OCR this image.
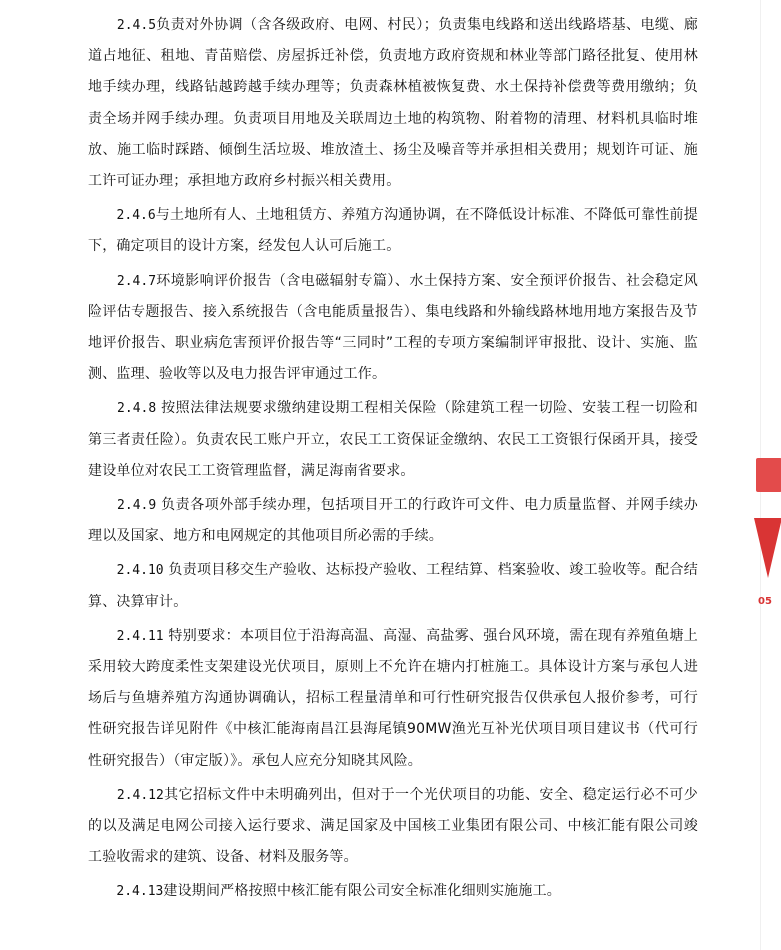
　　2.4.5负责对外协调（含各级政府、电网、村民）；负责集电线路和送出线路塔基、电缆、廊道占地征、租地、青苗赔偿、房屋拆迁补偿，负责地方政府资规和林业等部门路径批复、使用林地手续办理，线路钻越跨越手续办理等；负责森林植被恢复费、水土保持补偿费等费用缴纳；负责全场并网手续办理。负责项目用地及关联周边土地的构筑物、附着物的清理、材料机具临时堆放、施工临时踩踏、倾倒生活垃圾、堆放渣土、扬尘及噪音等并承担相关费用；规划许可证、施工许可证办理；承担地方政府乡村振兴相关费用。

　　2.4.6与土地所有人、土地租赁方、养殖方沟通协调，在不降低设计标准、不降低可靠性前提下，确定项目的设计方案，经发包人认可后施工。

　　2.4.7环境影响评价报告（含电磁辐射专篇）、水土保持方案、安全预评价报告、社会稳定风险评估专题报告、接入系统报告（含电能质量报告）、集电线路和外输线路林地用地方案报告及节地评价报告、职业病危害预评价报告等“三同时”工程的专项方案编制评审报批、设计、实施、监测、监理、验收等以及电力报告评审通过工作。

　　2.4.8 按照法律法规要求缴纳建设期工程相关保险（除建筑工程一切险、安装工程一切险和第三者责任险）。负责农民工账户开立，农民工工资保证金缴纳、农民工工资银行保函开具，接受建设单位对农民工工资管理监督，满足海南省要求。

　　2.4.9 负责各项外部手续办理，包括项目开工的行政许可文件、电力质量监督、并网手续办理以及国家、地方和电网规定的其他项目所必需的手续。

　　2.4.10 负责项目移交生产验收、达标投产验收、工程结算、档案验收、竣工验收等。配合结算、决算审计。

　　2.4.11 特别要求：本项目位于沿海高温、高湿、高盐雾、强台风环境，需在现有养殖鱼塘上采用较大跨度柔性支架建设光伏项目，原则上不允许在塘内打桩施工。具体设计方案与承包人进场后与鱼塘养殖方沟通协调确认，招标工程量清单和可行性研究报告仅供承包人报价参考，可行性研究报告详见附件《中核汇能海南昌江县海尾镇90MW渔光互补光伏项目项目建议书（代可行性研究报告）（审定版）》。承包人应充分知晓其风险。

　　2.4.12其它招标文件中未明确列出，但对于一个光伏项目的功能、安全、稳定运行必不可少的以及满足电网公司接入运行要求、满足国家及中国核工业集团有限公司、中核汇能有限公司竣工验收需求的建筑、设备、材料及服务等。

　　2.4.13建设期间严格按照中核汇能有限公司安全标准化细则实施施工。

05
